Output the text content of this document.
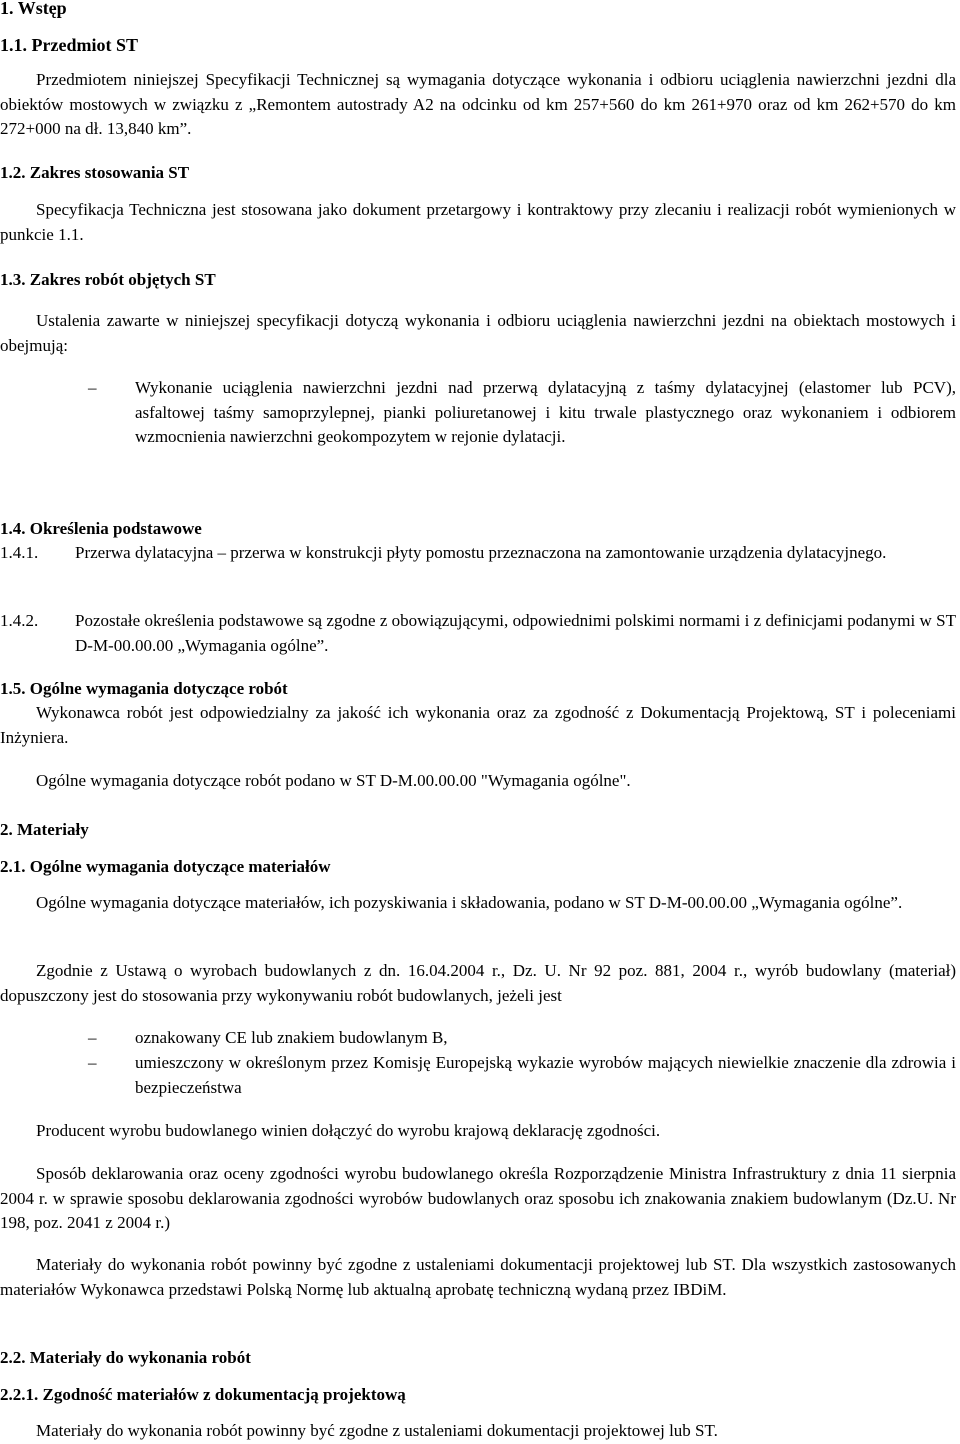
1. Wstęp
1.1. Przedmiot ST

Przedmiotem niniejszej Specyfikacji Technicznej są wymagania dotyczące wykonania i odbioru uciąglenia nawierzchni jezdni dla obiektów mostowych w związku z „Remontem autostrady A2 na odcinku od km 257+560 do km 261+970 oraz od km 262+570 do km 272+000 na dł. 13,840 km”.

1.2. Zakres stosowania ST

Specyfikacja Techniczna jest stosowana jako dokument przetargowy i kontraktowy przy zlecaniu i realizacji robót wymienionych w punkcie 1.1.

1.3. Zakres robót objętych ST

Ustalenia zawarte w niniejszej specyfikacji dotyczą wykonania i odbioru uciąglenia nawierzchni jezdni na obiektach mostowych i obejmują:

– Wykonanie uciąglenia nawierzchni jezdni nad przerwą dylatacyjną z taśmy dylatacyjnej (elastomer lub PCV), asfaltowej taśmy samoprzylepnej, pianki poliuretanowej i kitu trwale plastycznego oraz wykonaniem i odbiorem wzmocnienia nawierzchni geokompozytem w rejonie dylatacji.
1.4. Określenia podstawowe
1.4.1. Przerwa dylatacyjna – przerwa w konstrukcji płyty pomostu przeznaczona na zamontowanie urządzenia dylatacyjnego.
1.4.2. Pozostałe określenia podstawowe są zgodne z obowiązującymi, odpowiednimi polskimi normami i z definicjami podanymi w ST D-M-00.00.00 „Wymagania ogólne”.
1.5. Ogólne wymagania dotyczące robót

Wykonawca robót jest odpowiedzialny za jakość ich wykonania oraz za zgodność z Dokumentacją Projektową, ST i poleceniami Inżyniera.

Ogólne wymagania dotyczące robót podano w ST D-M.00.00.00 "Wymagania ogólne".

2. Materiały
2.1. Ogólne wymagania dotyczące materiałów

Ogólne wymagania dotyczące materiałów, ich pozyskiwania i składowania, podano w ST D-M-00.00.00 „Wymagania ogólne”.

Zgodnie z Ustawą o wyrobach budowlanych z dn. 16.04.2004 r., Dz. U. Nr 92 poz. 881, 2004 r., wyrób budowlany (materiał) dopuszczony jest do stosowania przy wykonywaniu robót budowlanych, jeżeli jest

– oznakowany CE lub znakiem budowlanym B,
– umieszczony w określonym przez Komisję Europejską wykazie wyrobów mających niewielkie znaczenie dla zdrowia i bezpieczeństwa

Producent wyrobu budowlanego winien dołączyć do wyrobu krajową deklarację zgodności.

Sposób deklarowania oraz oceny zgodności wyrobu budowlanego określa Rozporządzenie Ministra Infrastruktury z dnia 11 sierpnia 2004 r. w sprawie sposobu deklarowania zgodności wyrobów budowlanych oraz sposobu ich znakowania znakiem budowlanym (Dz.U. Nr 198, poz. 2041 z 2004 r.)

Materiały do wykonania robót powinny być zgodne z ustaleniami dokumentacji projektowej lub ST. Dla wszystkich zastosowanych materiałów Wykonawca przedstawi Polską Normę lub aktualną aprobatę techniczną wydaną przez IBDiM.

2.2. Materiały do wykonania robót
2.2.1. Zgodność materiałów z dokumentacją projektową

Materiały do wykonania robót powinny być zgodne z ustaleniami dokumentacji projektowej lub ST.
